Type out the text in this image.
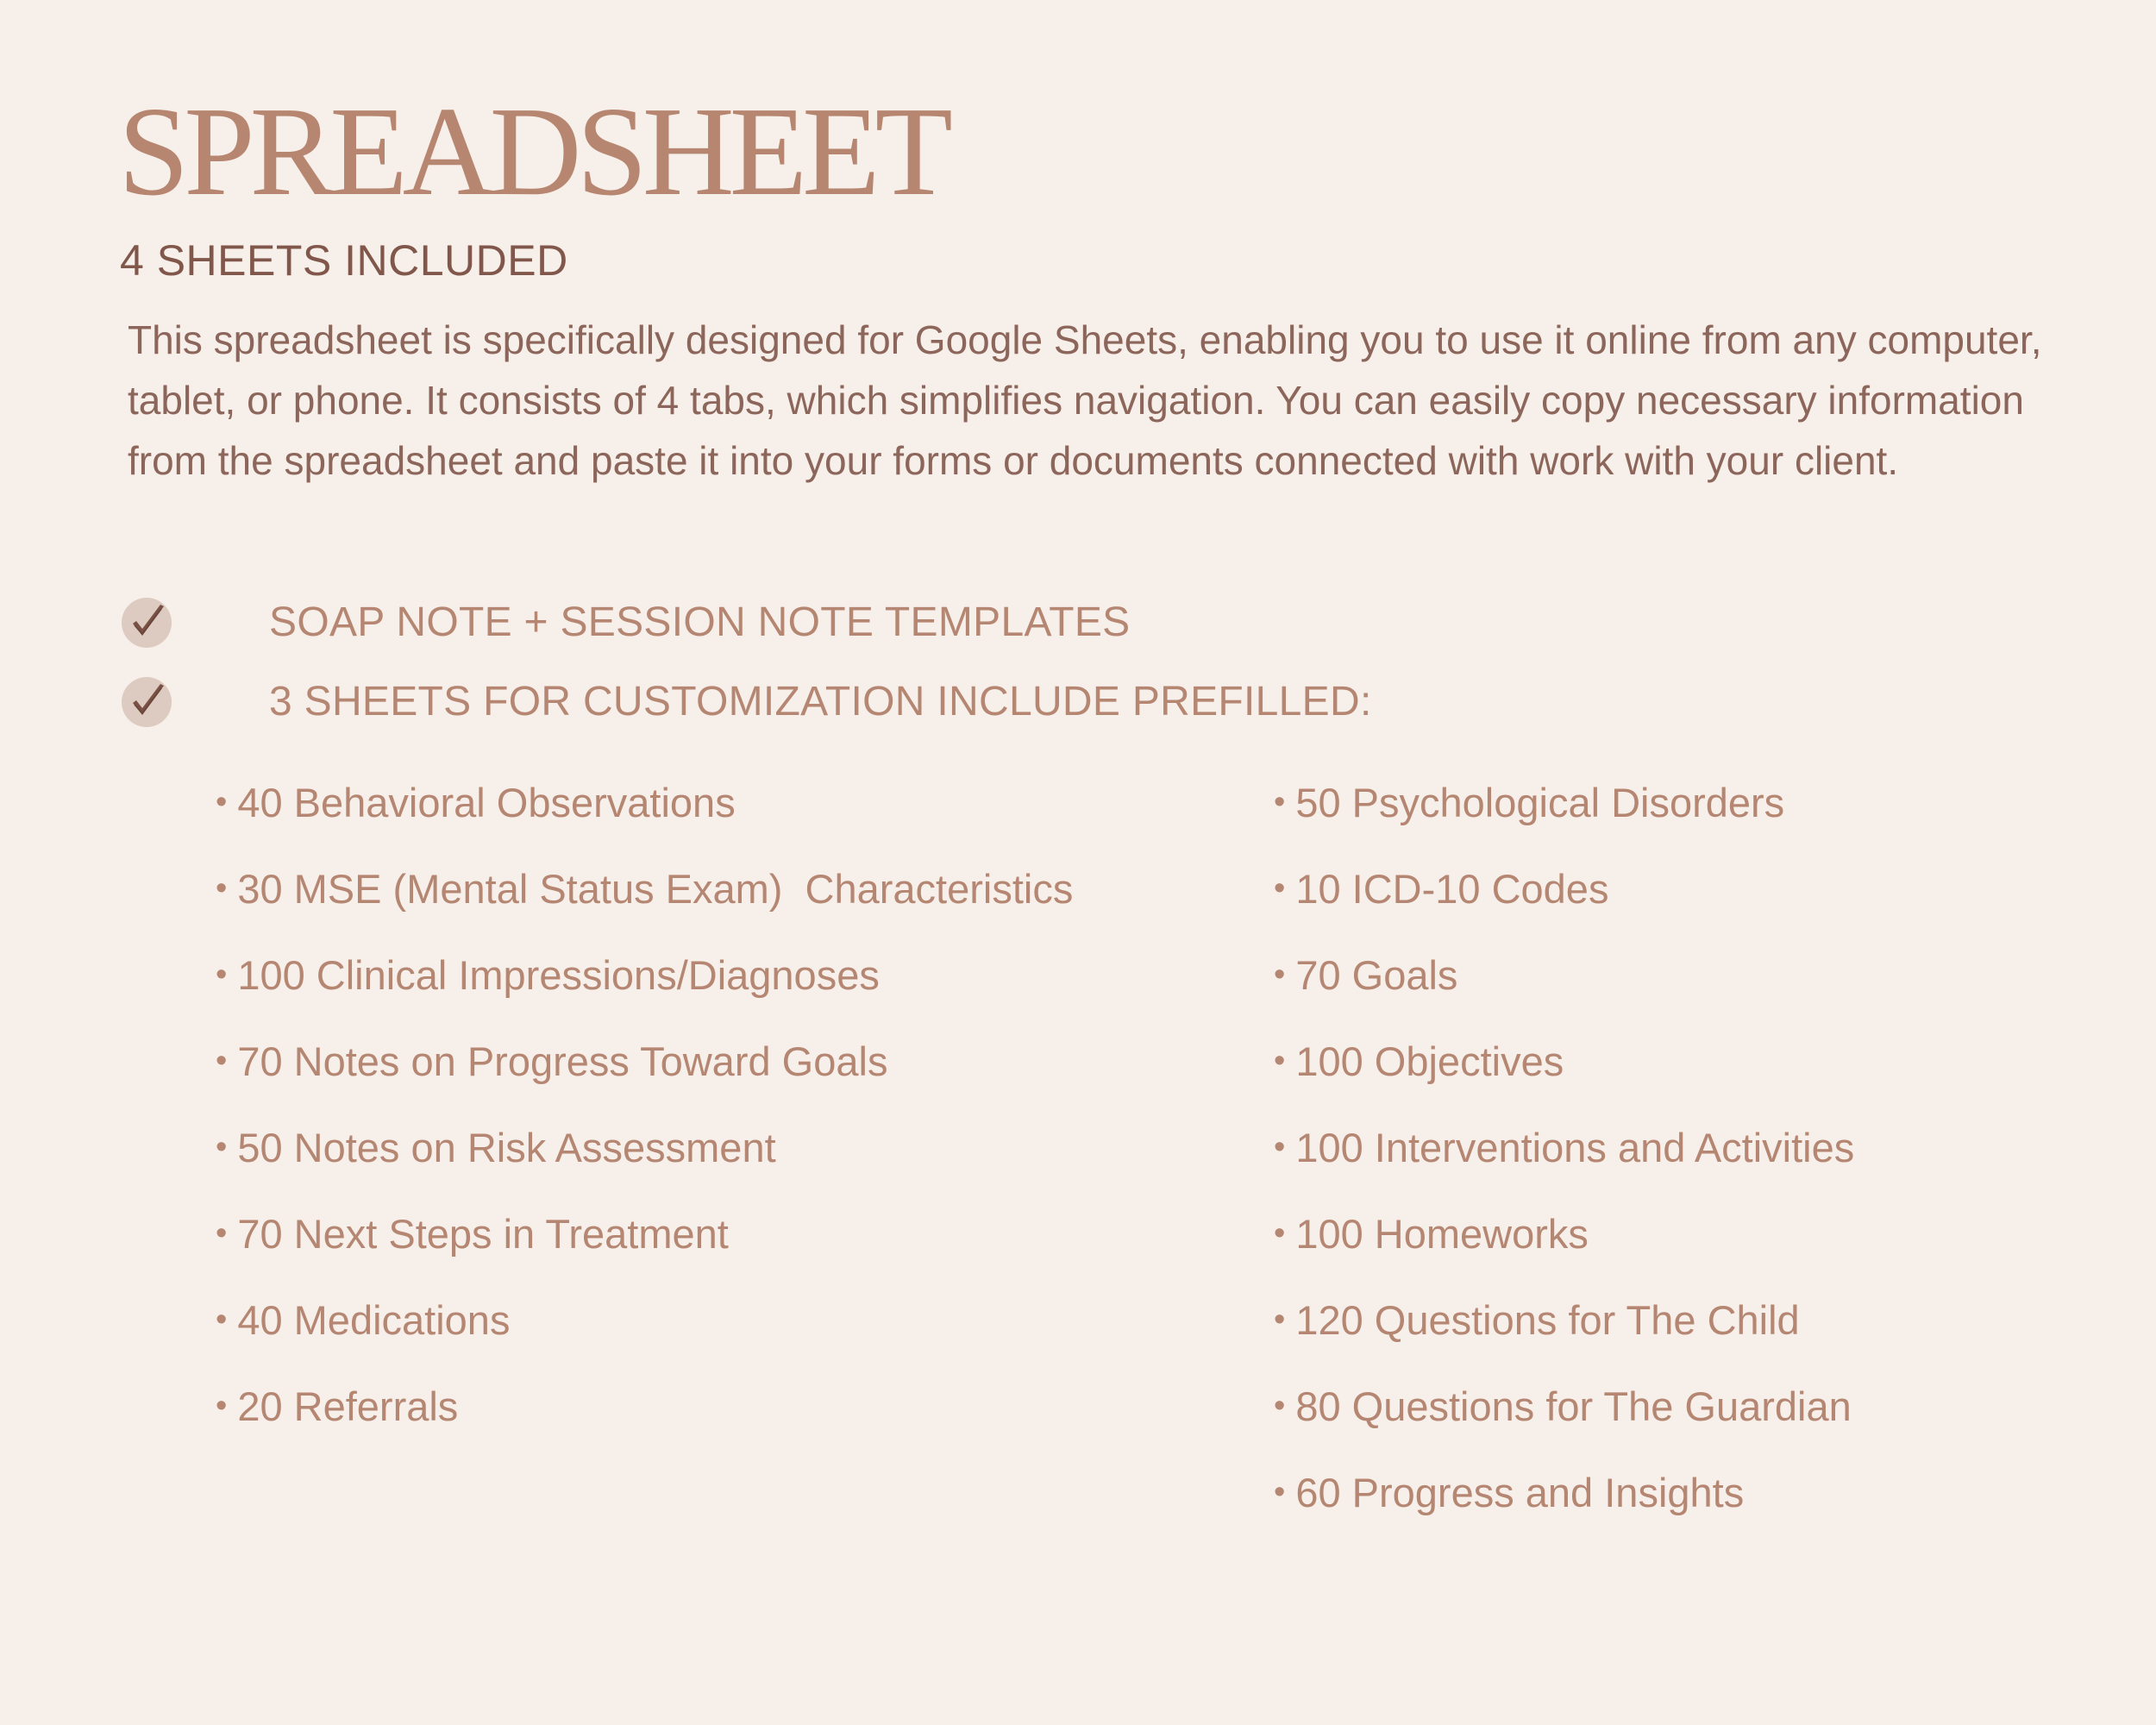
SPREADSHEET
4 SHEETS INCLUDED

This spreadsheet is specifically designed for Google Sheets, enabling you to use it online from any computer, tablet, or phone. It consists of 4 tabs, which simplifies navigation. You can easily copy necessary information from the spreadsheet and paste it into your forms or documents connected with work with your client.

SOAP NOTE + SESSION NOTE TEMPLATES
3 SHEETS FOR CUSTOMIZATION INCLUDE PREFILLED:
• 40 Behavioral Observations
• 30 MSE (Mental Status Exam)  Characteristics
• 100 Clinical Impressions/Diagnoses
• 70 Notes on Progress Toward Goals
• 50 Notes on Risk Assessment
• 70 Next Steps in Treatment
• 40 Medications
• 20 Referrals
• 50 Psychological Disorders
• 10 ICD-10 Codes
• 70 Goals
• 100 Objectives
• 100 Interventions and Activities
• 100 Homeworks
• 120 Questions for The Child
• 80 Questions for The Guardian
• 60 Progress and Insights
